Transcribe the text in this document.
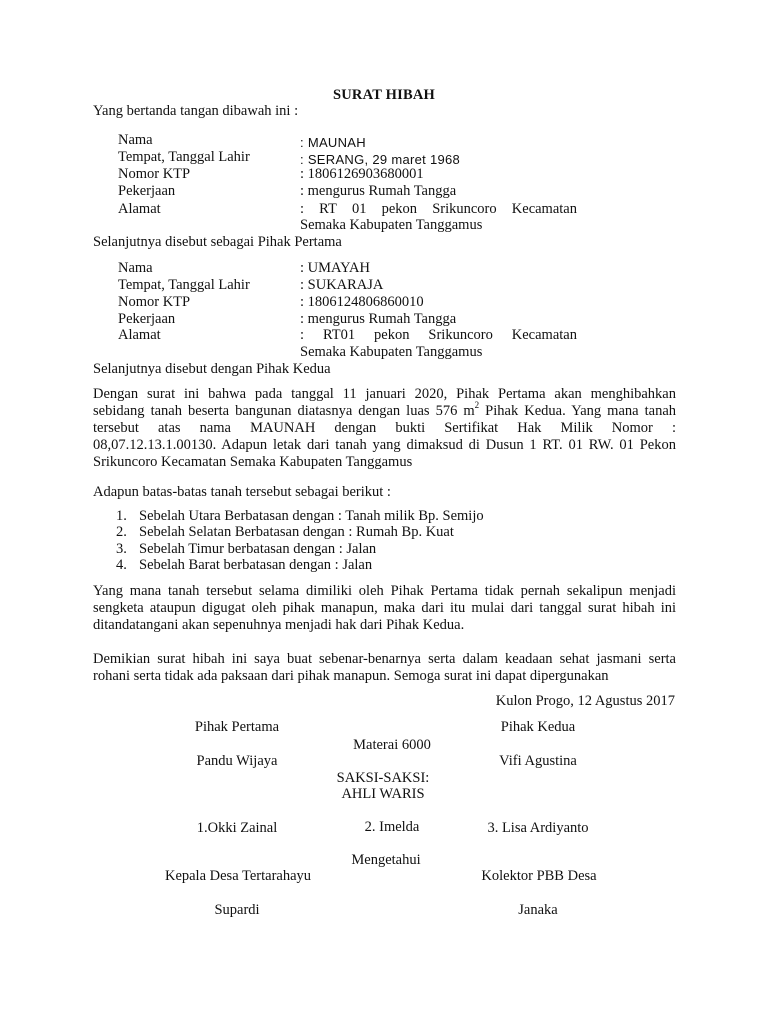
SURAT HIBAH
Yang bertanda tangan dibawah ini :
Nama	: MAUNAH
Tempat, Tanggal Lahir	: SERANG, 29 maret 1968
Nomor KTP	: 1806126903680001
Pekerjaan	: mengurus Rumah Tangga
Alamat	: RT 01 pekon Srikuncoro Kecamatan
Semaka Kabupaten Tanggamus
Selanjutnya disebut sebagai Pihak Pertama
Nama	: UMAYAH
Tempat, Tanggal Lahir	: SUKARAJA
Nomor KTP	: 1806124806860010
Pekerjaan	: mengurus Rumah Tangga
Alamat	: RT01 pekon Srikuncoro Kecamatan
Semaka Kabupaten Tanggamus
Selanjutnya disebut dengan Pihak Kedua
Dengan surat ini bahwa pada tanggal 11 januari 2020, Pihak Pertama akan menghibahkan
sebidang tanah beserta bangunan diatasnya dengan luas 576 $m^2$ Pihak Kedua. Yang mana tanah
tersebut atas nama MAUNAH dengan bukti Sertifikat Hak Milik Nomor :
08,07.12.13.1.00130. Adapun letak dari tanah yang dimaksud di Dusun 1 RT. 01 RW. 01 Pekon
Srikuncoro Kecamatan Semaka Kabupaten Tanggamus
Adapun batas-batas tanah tersebut sebagai berikut :
1. Sebelah Utara Berbatasan dengan : Tanah milik Bp. Semijo
2. Sebelah Selatan Berbatasan dengan : Rumah Bp. Kuat
3. Sebelah Timur berbatasan dengan : Jalan
4. Sebelah Barat berbatasan dengan : Jalan
Yang mana tanah tersebut selama dimiliki oleh Pihak Pertama tidak pernah sekalipun menjadi
sengketa ataupun digugat oleh pihak manapun, maka dari itu mulai dari tanggal surat hibah ini
ditandatangani akan sepenuhnya menjadi hak dari Pihak Kedua.
Demikian surat hibah ini saya buat sebenar-benarnya serta dalam keadaan sehat jasmani serta
rohani serta tidak ada paksaan dari pihak manapun. Semoga surat ini dapat dipergunakan
Kulon Progo, 12 Agustus 2017
Pihak Pertama	Pihak Kedua
Materai 6000
Pandu Wijaya	Vifi Agustina
SAKSI-SAKSI:
AHLI WARIS
1.Okki Zainal	2. Imelda	3. Lisa Ardiyanto
Mengetahui
Kepala Desa Tertarahayu	Kolektor PBB Desa
Supardi	Janaka
